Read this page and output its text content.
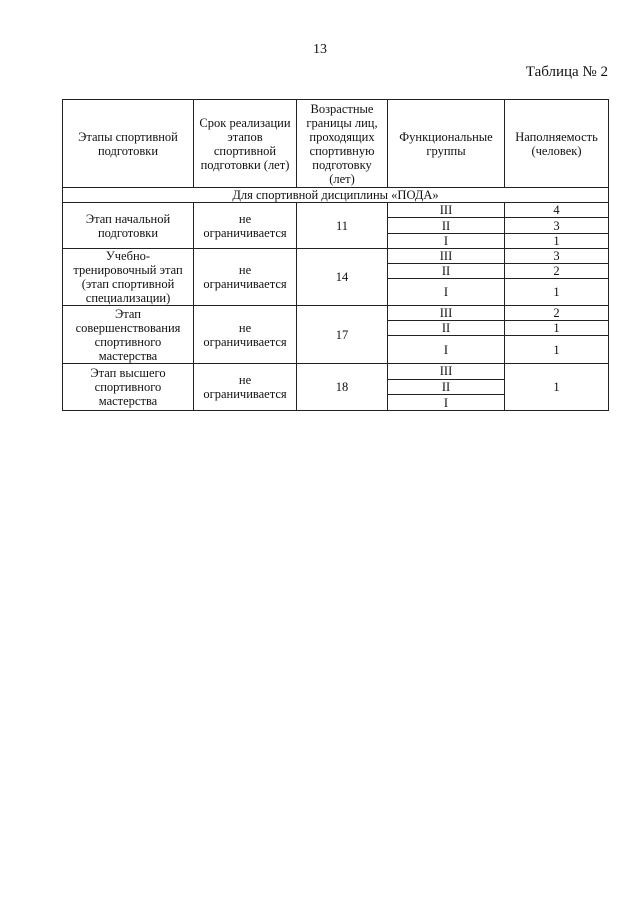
13
Таблица № 2
Этапы спортивной подготовки	Срок реализации этапов спортивной подготовки (лет)	Возрастные границы лиц, проходящих спортивную подготовку (лет)	Функциональные группы	Наполняемость (человек)
Для спортивной дисциплины «ПОДА»				
Этап начальной подготовки	не ограничивается	11	III	4
			II	3
			I	1
Учебно-тренировочный этап (этап спортивной специализации)	не ограничивается	14	III	3
			II	2
			I	1
Этап совершенствования спортивного мастерства	не ограничивается	17	III	2
			II	1
			I	1
Этап высшего спортивного мастерства	не ограничивается	18	III	1
			II	
			I	
